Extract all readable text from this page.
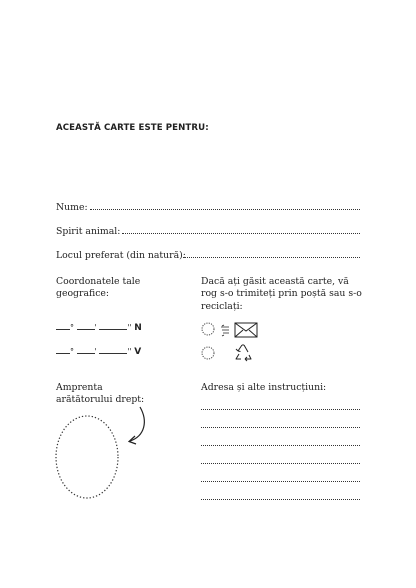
ACEASTĂ CARTE ESTE PENTRU:
Nume:
Spirit animal:
Locul preferat (din natură):
Coordonatele tale geografice:
°	'	'' N
°	'	'' V
Dacă ați găsit această carte, vă rog s-o trimiteți prin poștă sau s-o reciclați:
Amprenta arătătorului drept:
Adresa și alte instrucțiuni:
